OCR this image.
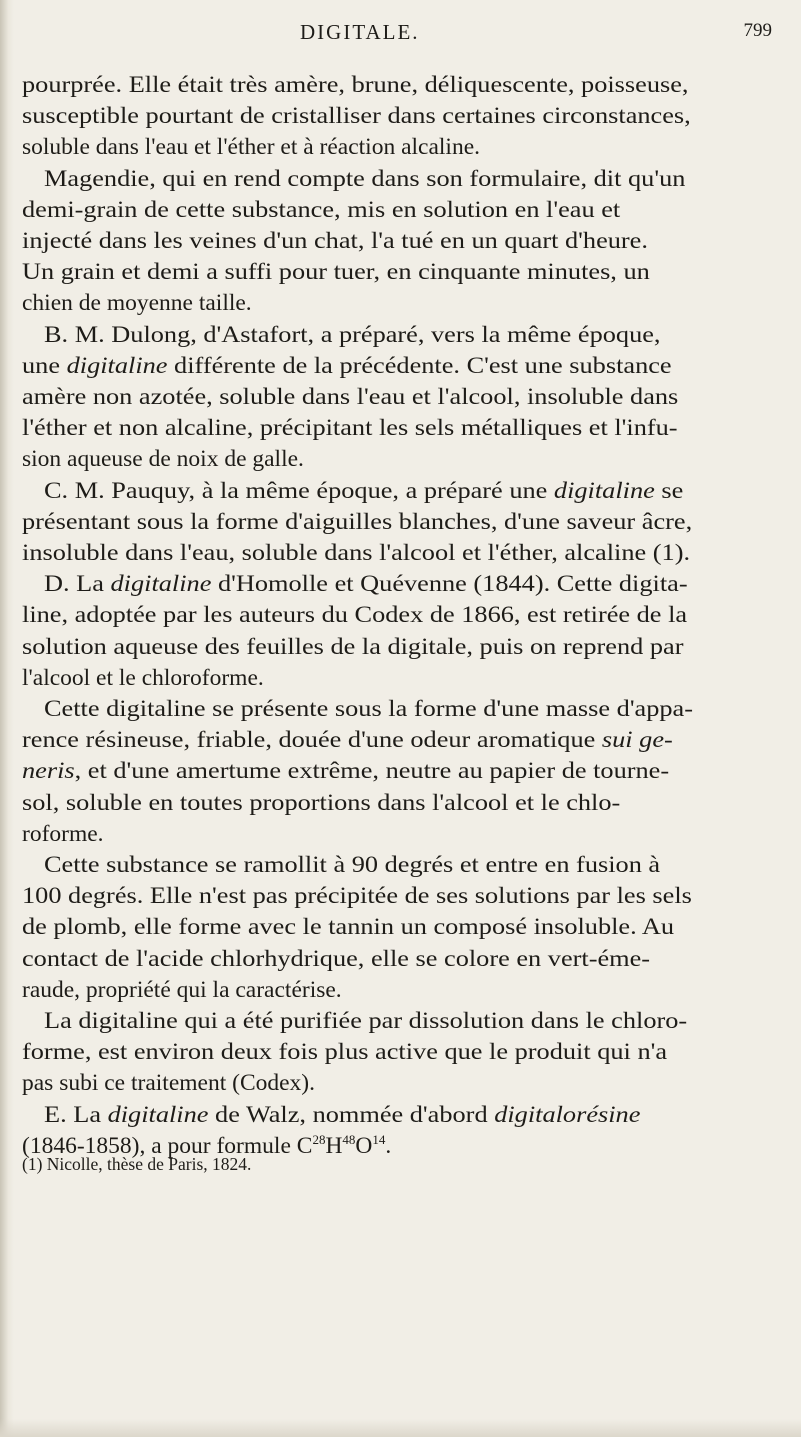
DIGITALE.	799
pourprée. Elle était très amère, brune, déliquescente, poisseuse,
susceptible pourtant de cristalliser dans certaines circonstances,
soluble dans l'eau et l'éther et à réaction alcaline.
Magendie, qui en rend compte dans son formulaire, dit qu'un
demi-grain de cette substance, mis en solution en l'eau et
injecté dans les veines d'un chat, l'a tué en un quart d'heure.
Un grain et demi a suffi pour tuer, en cinquante minutes, un
chien de moyenne taille.
B. M. Dulong, d'Astafort, a préparé, vers la même époque,
une digitaline différente de la précédente. C'est une substance
amère non azotée, soluble dans l'eau et l'alcool, insoluble dans
l'éther et non alcaline, précipitant les sels métalliques et l'infu-
sion aqueuse de noix de galle.
C. M. Pauquy, à la même époque, a préparé une digitaline se
présentant sous la forme d'aiguilles blanches, d'une saveur âcre,
insoluble dans l'eau, soluble dans l'alcool et l'éther, alcaline (1).
D. La digitaline d'Homolle et Quévenne (1844). Cette digita-
line, adoptée par les auteurs du Codex de 1866, est retirée de la
solution aqueuse des feuilles de la digitale, puis on reprend par
l'alcool et le chloroforme.
Cette digitaline se présente sous la forme d'une masse d'appa-
rence résineuse, friable, douée d'une odeur aromatique sui ge-
neris, et d'une amertume extrême, neutre au papier de tourne-
sol, soluble en toutes proportions dans l'alcool et le chlo-
roforme.
Cette substance se ramollit à 90 degrés et entre en fusion à
100 degrés. Elle n'est pas précipitée de ses solutions par les sels
de plomb, elle forme avec le tannin un composé insoluble. Au
contact de l'acide chlorhydrique, elle se colore en vert-éme-
raude, propriété qui la caractérise.
La digitaline qui a été purifiée par dissolution dans le chloro-
forme, est environ deux fois plus active que le produit qui n'a
pas subi ce traitement (Codex).
E. La digitaline de Walz, nommée d'abord digitalorésine
(1846-1858), a pour formule $C^{28}H^{48}O^{14}$.
(1) Nicolle, thèse de Paris, 1824.
